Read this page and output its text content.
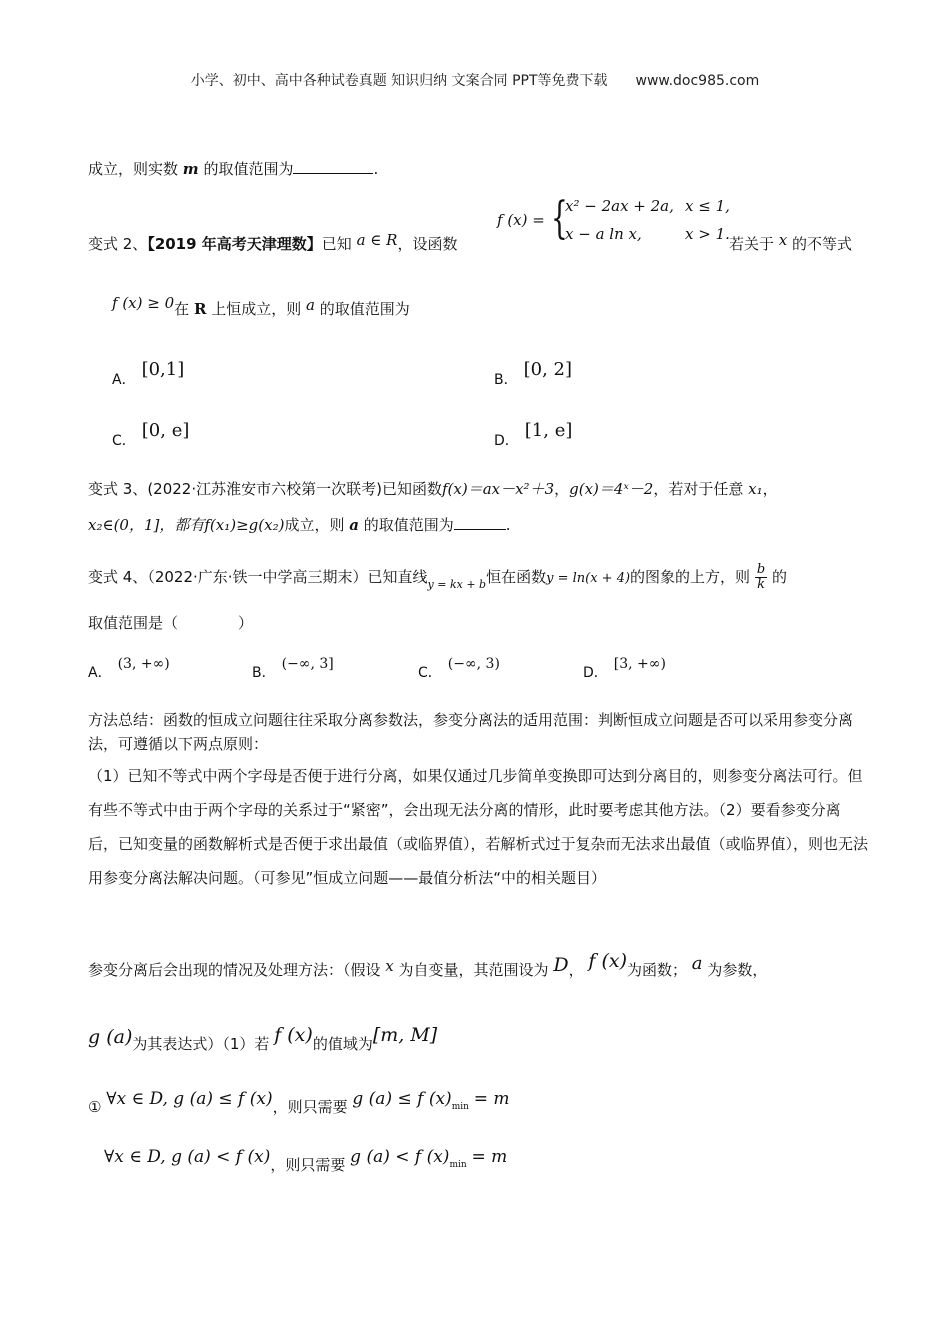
小学、初中、高中各种试卷真题 知识归纳 文案合同 PPT等免费下载 www.doc985.com
成立，则实数 m 的取值范围为	.
变式 2、【2019 年高考天津理数】已知 a ∈ R，设函数
f (x) = {
x² − 2ax + 2a, x ≤ 1,
x − a ln x,	x > 1.
若关于 x 的不等式
f (x) ≥ 0在 R 上恒成立，则 a 的取值范围为
A． [0,1]	B． [0, 2]
C． [0, e]	D． [1, e]
变式 3、(2022·江苏淮安市六校第一次联考)已知函数f(x)＝ax－x²＋3，g(x)＝4ˣ－2，若对于任意 x₁，
x₂∈(0，1]，都有f(x₁)≥g(x₂)成立，则 a 的取值范围为	.
变式 4、（2022·广东·铁一中学高三期末）已知直线$_{y = kx + b}$恒在函数y = ln(x + 4)的图象的上方，则 $\frac{b}{k}$ 的
取值范围是（　　　　）
A．(3, +∞)
B．(−∞, 3]
C．(−∞, 3)
D．[3, +∞)
方法总结：函数的恒成立问题往往采取分离参数法，参变分离法的适用范围：判断恒成立问题是否可以采用参变分离法，可遵循以下两点原则：
（1）已知不等式中两个字母是否便于进行分离，如果仅通过几步简单变换即可达到分离目的，则参变分离法可行。但有些不等式中由于两个字母的关系过于“紧密”，会出现无法分离的情形，此时要考虑其他方法。（2）要看参变分离后，已知变量的函数解析式是否便于求出最值（或临界值），若解析式过于复杂而无法求出最值（或临界值），则也无法用参变分离法解决问题。（可参见”恒成立问题——最值分析法“中的相关题目）
参变分离后会出现的情况及处理方法：（假设 x 为自变量，其范围设为 D， f (x)为函数； a 为参数，
g (a)为其表达式）（1）若 f (x)的值域为[m, M]
① ∀x ∈ D, g (a) ≤ f (x)，则只需要 g (a) ≤ f $(x)_{min} = m$
∀x ∈ D, g (a) < f (x)，则只需要 g (a) < f $(x)_{min} = m$
